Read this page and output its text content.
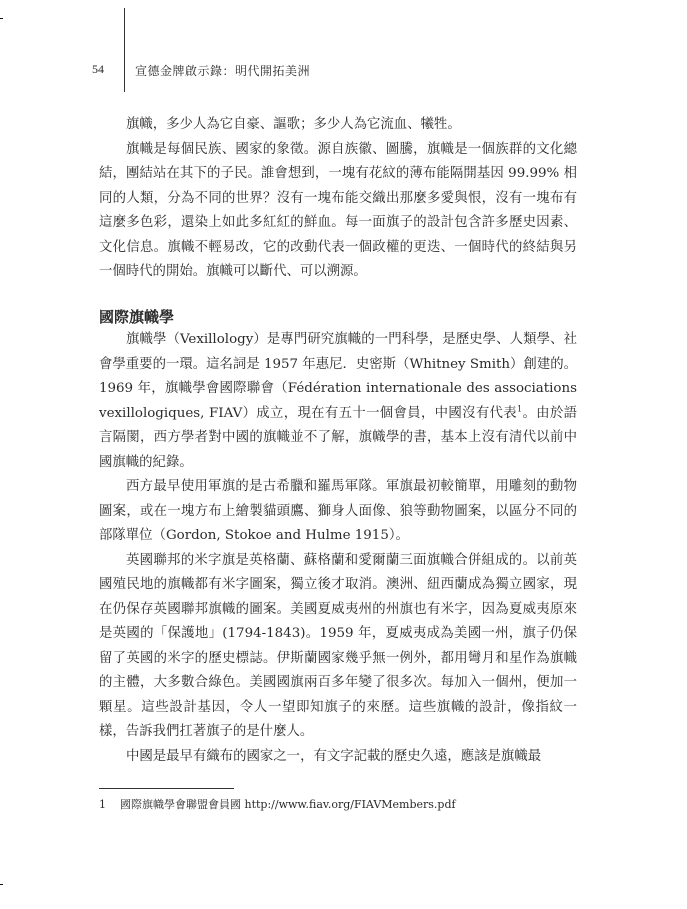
54	宣德金牌啟示錄：明代開拓美洲

旗幟，多少人為它自豪、謳歌；多少人為它流血、犧牲。

旗幟是每個民族、國家的象徵。源自族徽、圖騰，旗幟是一個族群的文化總結，團結站在其下的子民。誰會想到，一塊有花紋的薄布能隔開基因 99.99% 相同的人類，分為不同的世界？沒有一塊布能交織出那麼多愛與恨，沒有一塊布有這麼多色彩，還染上如此多紅紅的鮮血。每一面旗子的設計包含許多歷史因素、文化信息。旗幟不輕易改，它的改動代表一個政權的更迭、一個時代的終結與另一個時代的開始。旗幟可以斷代、可以溯源。

國際旗幟學

旗幟學（Vexillology）是專門研究旗幟的一門科學，是歷史學、人類學、社會學重要的一環。這名詞是 1957 年惠尼．史密斯（Whitney Smith）創建的。1969 年，旗幟學會國際聯會（Fédération internationale des associations vexillologiques, FIAV）成立，現在有五十一個會員，中國沒有代表$^1$。由於語言隔閡，西方學者對中國的旗幟並不了解，旗幟學的書，基本上沒有清代以前中國旗幟的紀錄。

西方最早使用軍旗的是古希臘和羅馬軍隊。軍旗最初較簡單，用雕刻的動物圖案，或在一塊方布上繪製貓頭鷹、獅身人面像、狼等動物圖案，以區分不同的部隊單位（Gordon, Stokoe and Hulme 1915）。

英國聯邦的米字旗是英格蘭、蘇格蘭和愛爾蘭三面旗幟合併組成的。以前英國殖民地的旗幟都有米字圖案，獨立後才取消。澳洲、紐西蘭成為獨立國家，現在仍保存英國聯邦旗幟的圖案。美國夏威夷州的州旗也有米字，因為夏威夷原來是英國的「保護地」(1794-1843)。1959 年，夏威夷成為美國一州，旗子仍保留了英國的米字的歷史標誌。伊斯蘭國家幾乎無一例外，都用彎月和星作為旗幟的主體，大多數合綠色。美國國旗兩百多年變了很多次。每加入一個州，便加一顆星。這些設計基因，令人一望即知旗子的來歷。這些旗幟的設計，像指紋一樣，告訴我們扛著旗子的是什麼人。

中國是最早有織布的國家之一，有文字記載的歷史久遠，應該是旗幟最

1 國際旗幟學會聯盟會員國 http://www.fiav.org/FIAVMembers.pdf
